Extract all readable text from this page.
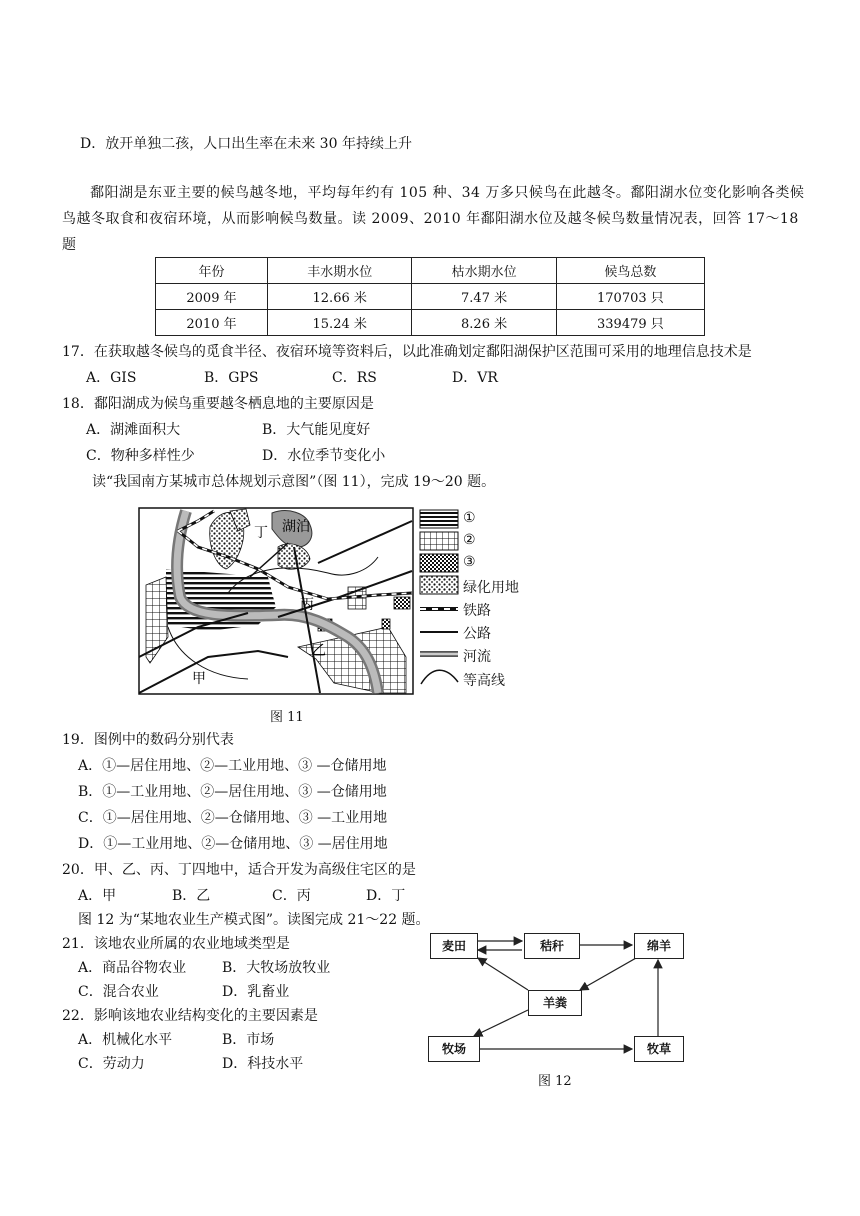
D．放开单独二孩，人口出生率在未来 30 年持续上升
鄱阳湖是东亚主要的候鸟越冬地，平均每年约有 105 种、34 万多只候鸟在此越冬。鄱阳湖水位变化影响各类候鸟越冬取食和夜宿环境，从而影响候鸟数量。读 2009、2010 年鄱阳湖水位及越冬候鸟数量情况表，回答 17～18 题
年份	丰水期水位	枯水期水位	候鸟总数
2009 年	12.66 米	7.47 米	170703 只
2010 年	15.24 米	8.26 米	339479 只
17．在获取越冬候鸟的觅食半径、夜宿环境等资料后，以此准确划定鄱阳湖保护区范围可采用的地理信息技术是
A．GIS	B．GPS	C．RS	D．VR
18．鄱阳湖成为候鸟重要越冬栖息地的主要原因是
A．湖滩面积大	B．大气能见度好
C．物种多样性少	D．水位季节变化小
读“我国南方某城市总体规划示意图”（图 11），完成 19～20 题。
湖泊
丁
丙
乙
甲
图 11
①
②
③
绿化用地
铁路
公路
河流
等高线
19．图例中的数码分别代表
A．①—居住用地、②—工业用地、③ —仓储用地
B．①—工业用地、②—居住用地、③ —仓储用地
C．①—居住用地、②—仓储用地、③ —工业用地
D．①—工业用地、②—仓储用地、③ —居住用地
20．甲、乙、丙、丁四地中，适合开发为高级住宅区的是
A．甲	B．乙	C．丙	D．丁
图 12 为“某地农业生产模式图”。读图完成 21～22 题。
21．该地农业所属的农业地域类型是
A．商品谷物农业	B．大牧场放牧业
C．混合农业	D．乳畜业
22．影响该地农业结构变化的主要因素是
A．机械化水平	B．市场
C．劳动力	D．科技水平
麦田	秸秆	绵羊
羊粪
牧场	牧草
图 12
